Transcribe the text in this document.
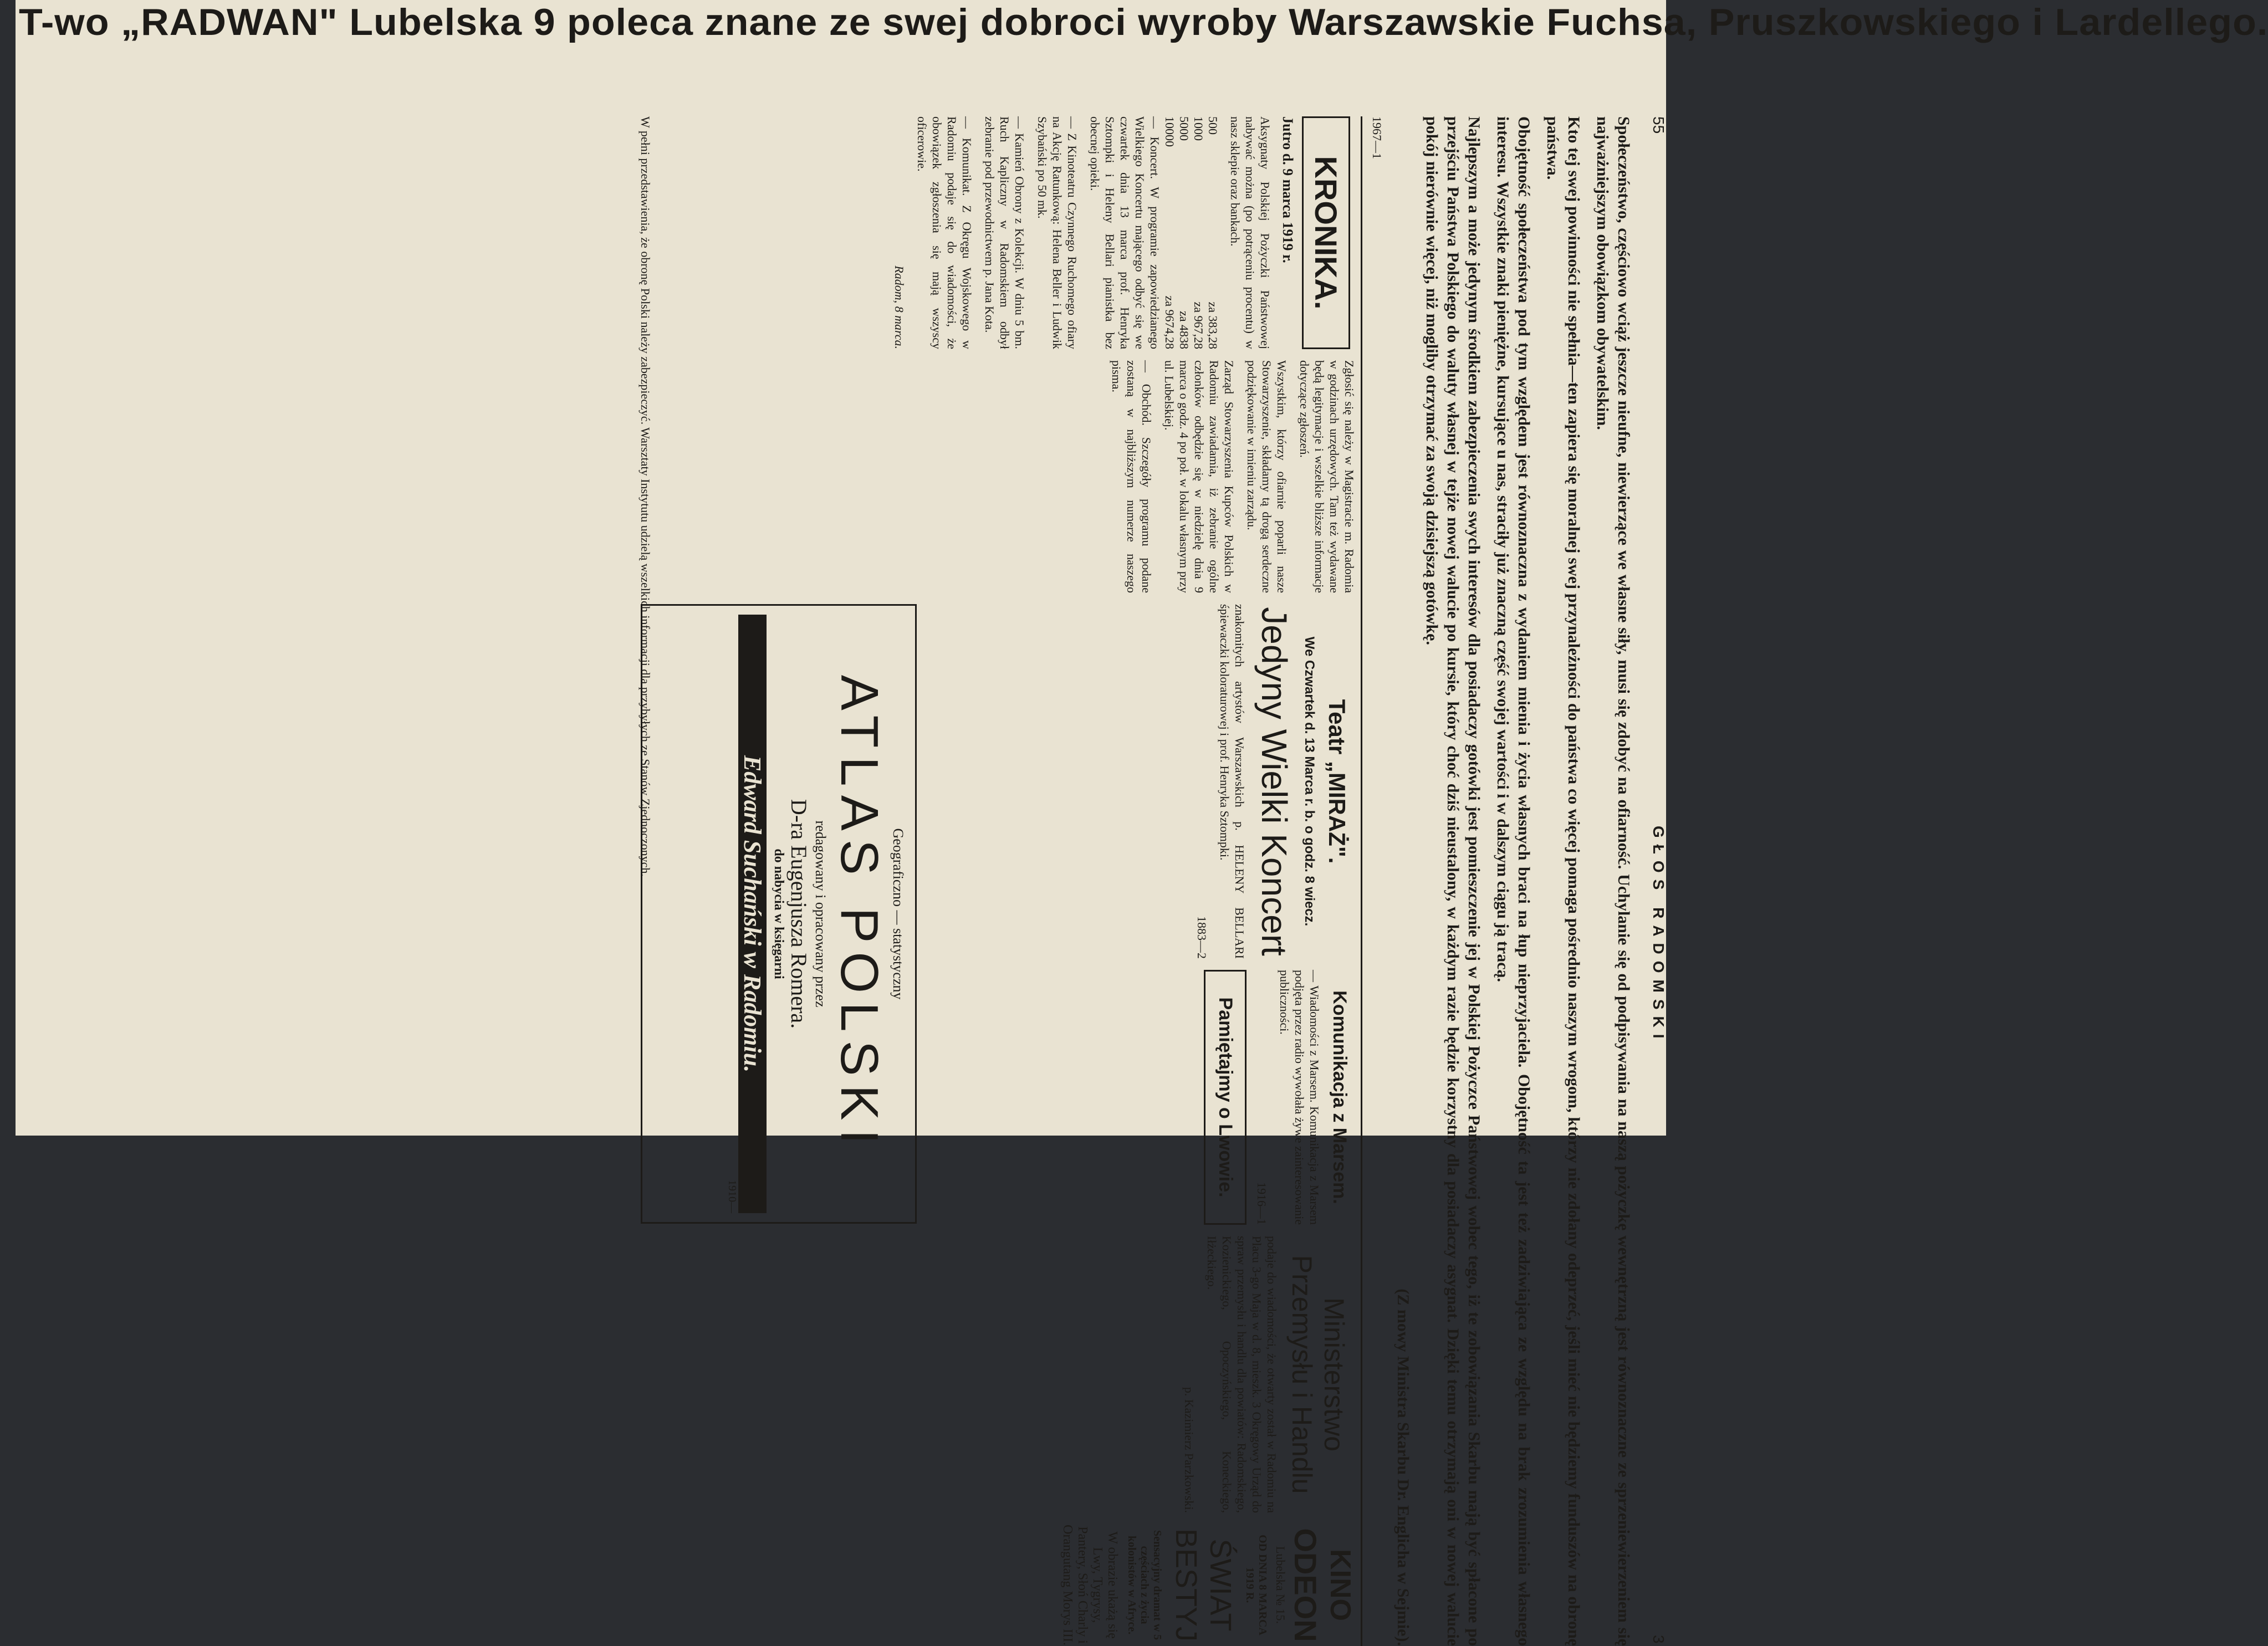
T-wo „RADWAN" Lubelska 9 poleca znane ze swej dobroci wyroby Warszawskie Fuchsa, Pruszkowskiego i Lardellego.
55
GŁOS RADOMSKI
3

Społeczeństwo, częściowo wciąż jeszcze nieufne, niewierzące we własne siły, musi się zdobyć na ofiarność. Uchylanie się od podpisywania na naszą pożyczkę wewnętrzną jest równoznaczne ze sprzeniewierzeniem się najważniejszym obowiązkom obywatelskim.

Kto tej swej powinności nie spełnia—ten zapiera się moralnej swej przynależności do państwa co więcej pomaga pośrednio naszym wrogom, którzy nie zdołany odeprzeć, jeśli mieć nie będziemy funduszów na obronę państwa.

Obojętność społeczeństwa pod tym względem jest równoznaczna z wydaniem mienia i życia własnych braci na łup nieprzyjaciela. Obojętność ta jest też zadziwiająca ze względu na brak zrozumienia własnego interesu. Wszystkie znaki pieniężne, kursujące u nas, straciły już znaczną część swojej wartości i w dalszym ciągu ją tracą.

Najlepszym a może jedynym środkiem zabezpieczenia swych interesów dla posiadaczy gotówki jest pomieszczenie jej w Polskiej Pożyczce Państwowej wobec tego, iż te zobowiązania Skarbu mają być spłacone po przejściu Państwa Polskiego do waluty własnej w tejże nowej walucie po kursie, który choć dziś nieustalony, w każdym razie będzie korzystny dla posiadaczy asygnat. Dzięki temu otrzymają oni w nowej walucie pokój nierównie więcej, niż mogliby otrzymać za swoją dzisiejszą gotówkę.

(Z mowy Ministra Skarbu Dr. Englicha w Sejmie).

1967—1

KRONIKA.

Jutro d. 9 marca 1919 r.

Aksygnaty Polskiej Pożyczki Państwowej nabywać można (po potrąceniu procentu) w nasz sklepie oraz bankach.

500
za 383,28
1000
za 967,28
5000
za 4838
10000
za 9674,28

— Koncert. W programie zapowiedzianego Wielkiego Koncertu mającego odbyć się we czwartek dnia 13 marca prof. Henryka Sztompki i Heleny Bellari pianistka bez obecnej opieki.

— Z Kinoteatru Czynnego Ruchomego ofiary na Akcję Ratunkową: Helena Beller i Ludwik Szybański po 50 mk.

— Kamień Obrony z Kolekcji. W dniu 5 bm. Ruch Kapliczny w Radomskiem odbył zebranie pod przewodnictwem p. Jana Kota.

— Komunikat. Z Okręgu Wojskowego w Radomiu podaje się do wiadomości, że obowiązek zgłoszenia się mają wszyscy oficerowie.

Radom, 8 marca.

Zgłosić się należy w Magistracie m. Radomia w godzinach urzędowych. Tam też wydawane będą legitymacje i wszelkie bliższe informacje dotyczące zgłoszeń.

Wszystkim, którzy ofiarnie poparli nasze Stowarzyszenie, składamy tą drogą serdeczne podziękowanie w imieniu zarządu.

Zarząd Stowarzyszenia Kupców Polskich w Radomiu zawiadamia, iż zebranie ogólne członków odbędzie się w niedzielę dnia 9 marca o godz. 4 po poł. w lokalu własnym przy ul. Lubelskiej.

— Obchód. Szczegóły programu podane zostaną w najbliższym numerze naszego pisma.

Teatr „MIRAŻ".
We Czwartek d. 13 Marca r. b. o godz. 8 wiecz.
Jedyny Wielki Koncert

znakomitych artystów Warszawskich p. HELENY BELLARI śpiewaczki koloraturowej i prof. Henryka Sztompki.

1883—2

Komunikacja z Marsem.

— Wiadomości z Marsem. Komunikacja z Marsem podjęta przez radio wywołała żywe zainteresowanie publiczności.

1916—1

Pamiętajmy o Lwowie.
Geograficzno — statystyczny
ATLAS POLSKI
redagowany i opracowany przez
D-ra Eugenjusza Romera.
do nabycia w księgarni
Edward Suchański w Radomiu.
1910—
Ministerstwo Przemysłu i Handlu

podaje do wiadomości, że otwarty został w Radomiu na Placu 3-go Maja w d. 8, mieszk. 3 Okręgowy Urząd do spraw przemysłu i handlu dla powiatów: Radomskiego, Kozienickiego, Opoczyńskiego, Koneckiego, Iłżeckiego.

p. Kazimierz Parzkowski.

KINO
ODEON
Lubelska № 15.
OD DNIA 8 MARCA 1919 R.
ŚWIAT BESTYJ
Sensacyjny dramat w 5 częściach z życia kolonistów w Afryce.
W obrazie ukażą się Lwy, Tygrysy, Pantery, Słoń Charly i Orangutang Morys III.

W pełni przedstawienia, że obronę Polski należy zabezpieczyć. Warsztaty Instytutu udzielą wszelkich informacji dla przybyłych ze Stanów Zjednoczonych.
